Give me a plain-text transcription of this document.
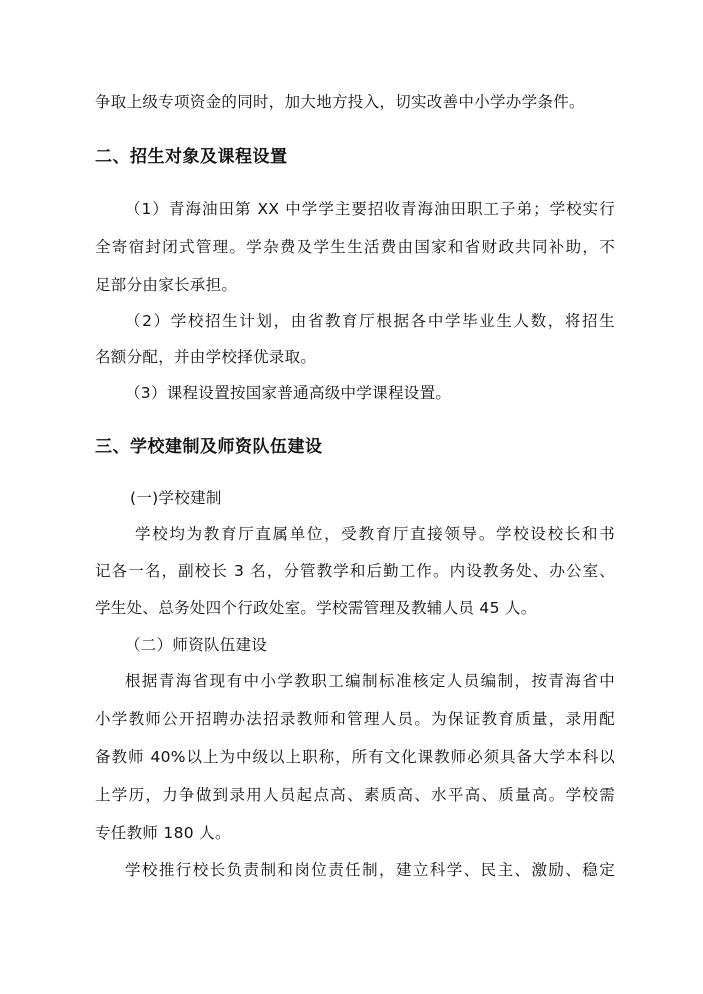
争取上级专项资金的同时，加大地方投入，切实改善中小学办学条件。
二、招生对象及课程设置
（1）青海油田第 XX 中学学主要招收青海油田职工子弟；学校实行
全寄宿封闭式管理。学杂费及学生生活费由国家和省财政共同补助，不
足部分由家长承担。
（2）学校招生计划，由省教育厅根据各中学毕业生人数，将招生
名额分配，并由学校择优录取。
（3）课程设置按国家普通高级中学课程设置。
三、学校建制及师资队伍建设
(一)学校建制
学校均为教育厅直属单位，受教育厅直接领导。学校设校长和书
记各一名，副校长 3 名，分管教学和后勤工作。内设教务处、办公室、
学生处、总务处四个行政处室。学校需管理及教辅人员 45 人。
（二）师资队伍建设
根据青海省现有中小学教职工编制标准核定人员编制，按青海省中
小学教师公开招聘办法招录教师和管理人员。为保证教育质量，录用配
备教师 40%以上为中级以上职称，所有文化课教师必须具备大学本科以
上学历，力争做到录用人员起点高、素质高、水平高、质量高。学校需
专任教师 180 人。
学校推行校长负责制和岗位责任制，建立科学、民主、激励、稳定
